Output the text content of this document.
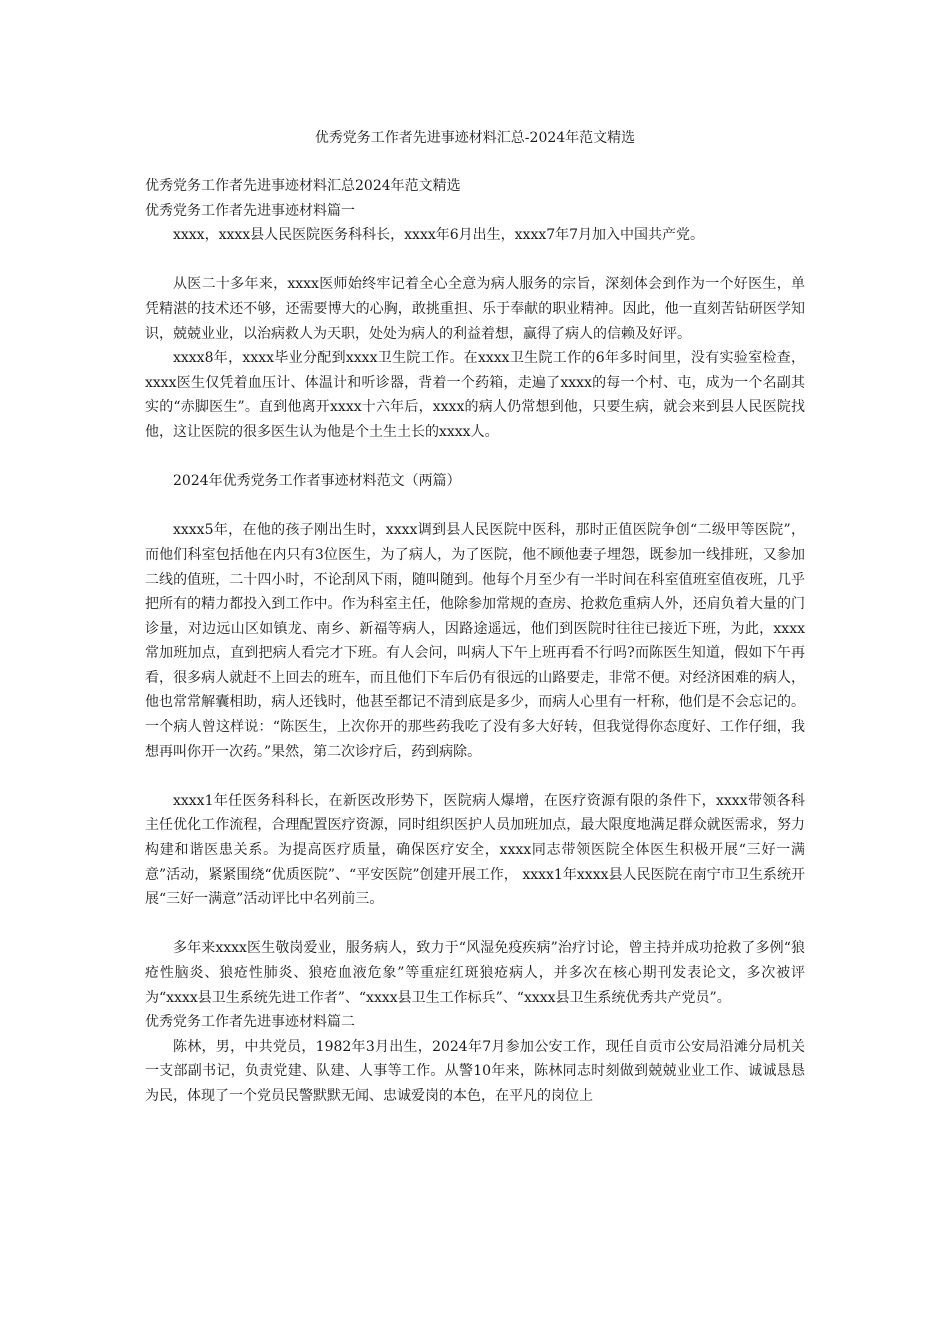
优秀党务工作者先进事迹材料汇总-2024年范文精选

优秀党务工作者先进事迹材料汇总2024年范文精选

优秀党务工作者先进事迹材料篇一

xxxx，xxxx县人民医院医务科科长，xxxx年6月出生，xxxx7年7月加入中国共产党。

从医二十多年来，xxxx医师始终牢记着全心全意为病人服务的宗旨，深刻体会到作为一个好医生，单凭精湛的技术还不够，还需要博大的心胸，敢挑重担、乐于奉献的职业精神。因此，他一直刻苦钻研医学知识，兢兢业业，以治病救人为天职，处处为病人的利益着想，赢得了病人的信赖及好评。

xxxx8年，xxxx毕业分配到xxxx卫生院工作。在xxxx卫生院工作的6年多时间里，没有实验室检查，xxxx医生仅凭着血压计、体温计和听诊器，背着一个药箱，走遍了xxxx的每一个村、屯，成为一个名副其实的“赤脚医生”。直到他离开xxxx十六年后，xxxx的病人仍常想到他，只要生病，就会来到县人民医院找他，这让医院的很多医生认为他是个土生土长的xxxx人。

2024年优秀党务工作者事迹材料范文（两篇）

xxxx5年，在他的孩子刚出生时，xxxx调到县人民医院中医科，那时正值医院争创“二级甲等医院”，而他们科室包括他在内只有3位医生，为了病人，为了医院，他不顾他妻子埋怨，既参加一线排班，又参加二线的值班，二十四小时，不论刮风下雨，随叫随到。他每个月至少有一半时间在科室值班室值夜班，几乎把所有的精力都投入到工作中。作为科室主任，他除参加常规的查房、抢救危重病人外，还肩负着大量的门诊量，对边远山区如镇龙、南乡、新福等病人，因路途遥远，他们到医院时往往已接近下班，为此，xxxx常加班加点，直到把病人看完才下班。有人会问，叫病人下午上班再看不行吗?而陈医生知道，假如下午再看，很多病人就赶不上回去的班车，而且他们下车后仍有很远的山路要走，非常不便。对经济困难的病人，他也常常解囊相助，病人还钱时，他甚至都记不清到底是多少，而病人心里有一杆称，他们是不会忘记的。一个病人曾这样说：“陈医生，上次你开的那些药我吃了没有多大好转，但我觉得你态度好、工作仔细，我想再叫你开一次药。”果然，第二次诊疗后，药到病除。

xxxx1年任医务科科长，在新医改形势下，医院病人爆增，在医疗资源有限的条件下，xxxx带领各科主任优化工作流程，合理配置医疗资源，同时组织医护人员加班加点，最大限度地满足群众就医需求，努力构建和谐医患关系。为提高医疗质量，确保医疗安全，xxxx同志带领医院全体医生积极开展“三好一满意”活动，紧紧围绕“优质医院”、“平安医院”创建开展工作， xxxx1年xxxx县人民医院在南宁市卫生系统开展“三好一满意”活动评比中名列前三。

多年来xxxx医生敬岗爱业，服务病人，致力于“风湿免疫疾病”治疗讨论，曾主持并成功抢救了多例“狼疮性脑炎、狼疮性肺炎、狼疮血液危象”等重症红斑狼疮病人，并多次在核心期刊发表论文，多次被评为“xxxx县卫生系统先进工作者”、“xxxx县卫生工作标兵”、“xxxx县卫生系统优秀共产党员”。

优秀党务工作者先进事迹材料篇二

陈林，男，中共党员，1982年3月出生，2024年7月参加公安工作，现任自贡市公安局沿滩分局机关一支部副书记，负责党建、队建、人事等工作。从警10年来，陈林同志时刻做到兢兢业业工作、诚诚恳恳为民，体现了一个党员民警默默无闻、忠诚爱岗的本色，在平凡的岗位上
